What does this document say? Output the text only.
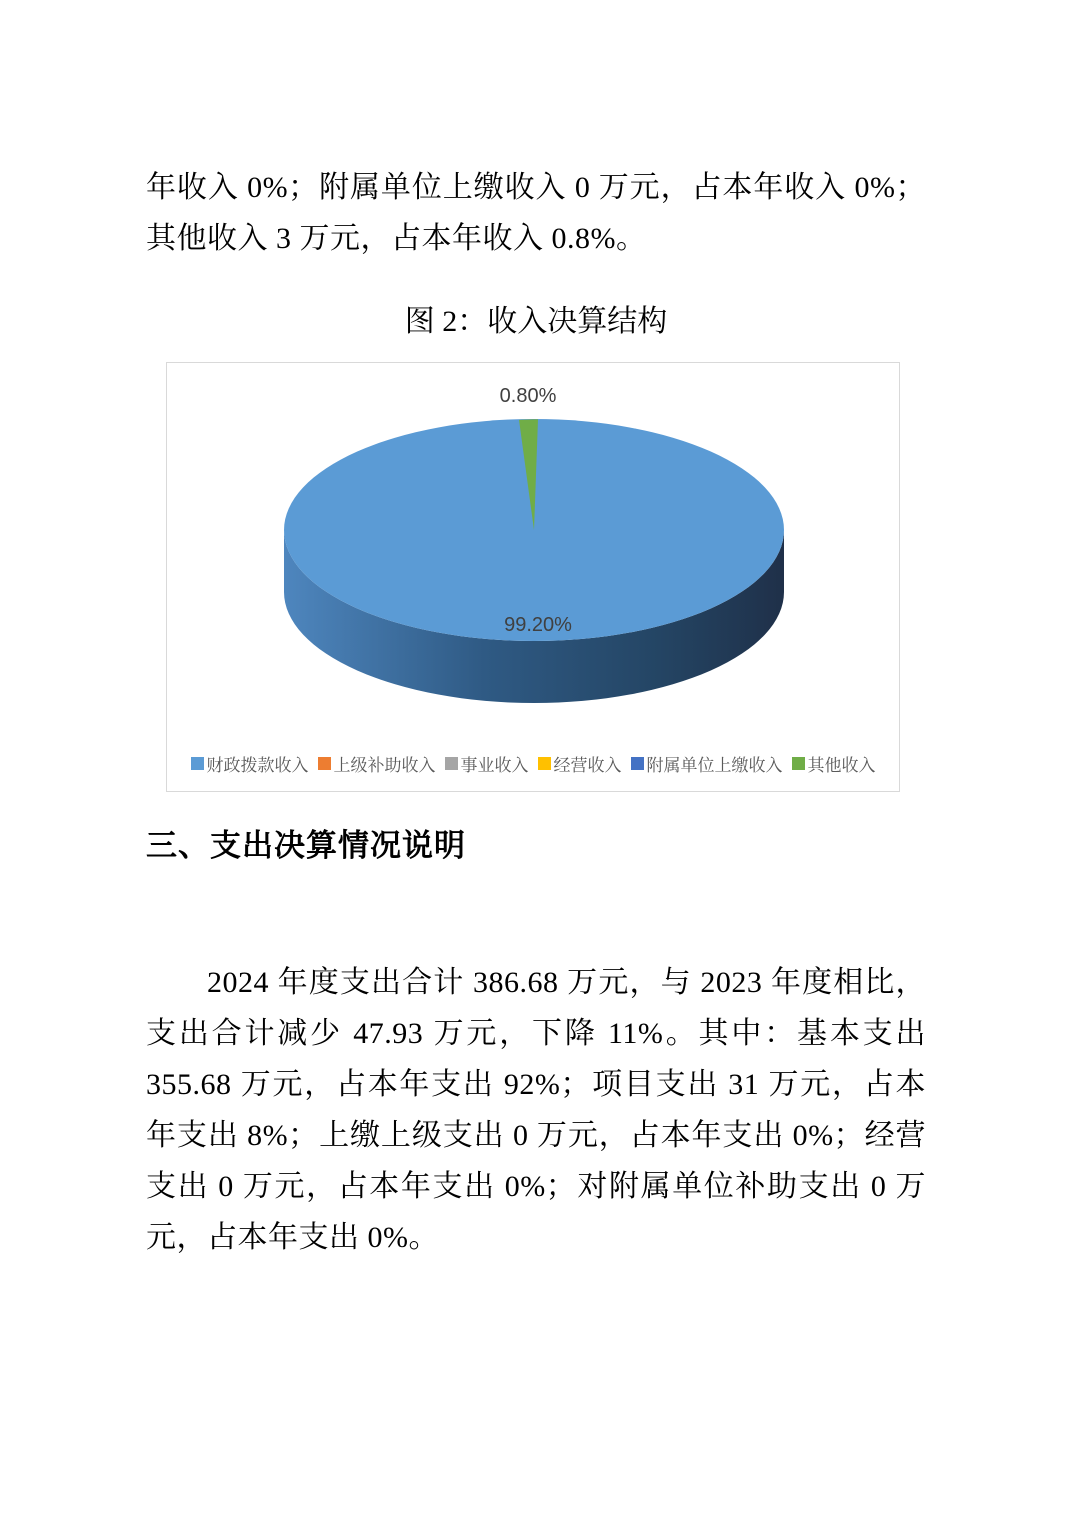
年收入 0%；附属单位上缴收入 0 万元，占本年收入 0%；其他收入 3 万元，占本年收入 0.8%。

图 2：收入决算结构
0.80%
99.20%
财政拨款收入 上级补助收入 事业收入 经营收入 附属单位上缴收入 其他收入
三、支出决算情况说明

2024 年度支出合计 386.68 万元，与 2023 年度相比，支出合计减少 47.93 万元，下降 11%。其中：基本支出 355.68 万元，占本年支出 92%；项目支出 31 万元，占本年支出 8%；上缴上级支出 0 万元，占本年支出 0%；经营支出 0 万元，占本年支出 0%；对附属单位补助支出 0 万元，占本年支出 0%。
